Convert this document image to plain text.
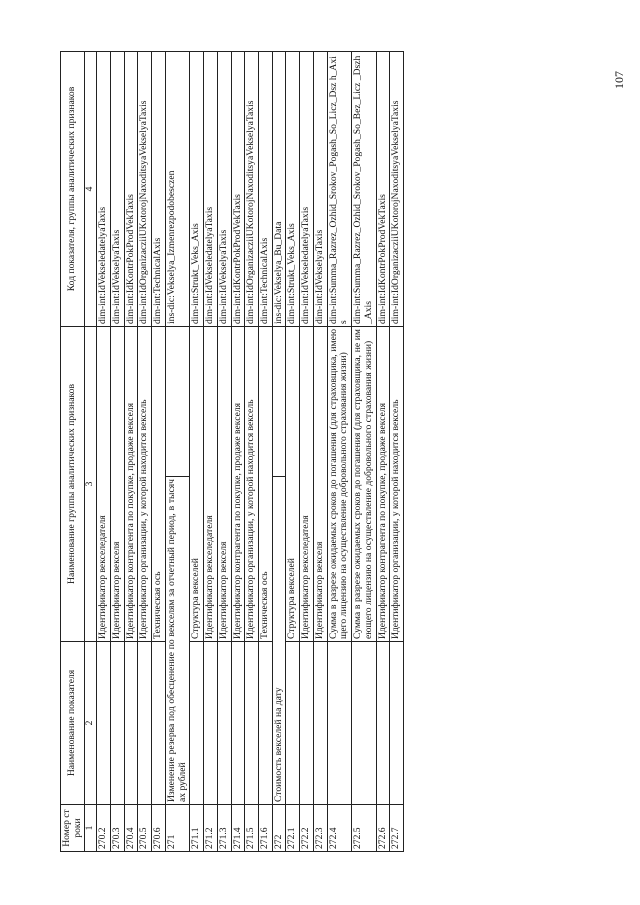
107
Номер строки	Наименование показателя	Наименование группы аналитических признаков		Код показателя, группы аналитических признаков
1	2	3		4
270.2		Идентификатор векселедателя		dim-int:IdVekseledatelyaTaxis
270.3		Идентификатор векселя		dim-int:IdVekselyaTaxis
270.4		Идентификатор контрагента по покупке, продаже векселя		dim-int:IdKontrPokProdVekTaxis
270.5		Идентификатор организации, у которой находится вексель		dim-int:IdOrganizacziiUKotorojNaxoditsyaVekselyaTaxis
270.6		Техническая ось		dim-int:TechnicalAxis
271	Изменение резерва под обесценение по векселям за отчетный период, в тысячах рублей			ins-dic:Vekselya_Izmenrezpodobesczen
271.1		Структура векселей		dim-int:Strukt_Veks_Axis
271.2		Идентификатор векселедателя		dim-int:IdVekseledatelyaTaxis
271.3		Идентификатор векселя		dim-int:IdVekselyaTaxis
271.4		Идентификатор контрагента по покупке, продаже векселя		dim-int:IdKontrPokProdVekTaxis
271.5		Идентификатор организации, у которой находится вексель		dim-int:IdOrganizacziiUKotorojNaxoditsyaVekselyaTaxis
271.6		Техническая ось		dim-int:TechnicalAxis
272	Стоимость векселей на дату			ins-dic:Vekselya_Bu_Data
272.1		Структура векселей		dim-int:Strukt_Veks_Axis
272.2		Идентификатор векселедателя		dim-int:IdVekseledatelyaTaxis
272.3		Идентификатор векселя		dim-int:IdVekselyaTaxis
272.4		Сумма в разрезе ожидаемых сроков до погашения (для страховщика, имеющего лицензию на осуществление добровольного страхования жизни)		dim-int:Summa_Razrez_Ozhid_Srokov_Pogash_So_Licz_Dsz h_Axis
272.5		Сумма в разрезе ожидаемых сроков до погашения (для страховщика, не имеющего лицензию на осуществление добровольного страхования жизни)		dim-int:Summa_Razrez_Ozhid_Srokov_Pogash_So_Bez_Licz _Dszh_Axis
272.6		Идентификатор контрагента по покупке, продаже векселя		dim-int:IdKontrPokProdVekTaxis
272.7		Идентификатор организации, у которой находится вексель		dim-int:IdOrganizacziiUKotorojNaxoditsyaVekselyaTaxis
